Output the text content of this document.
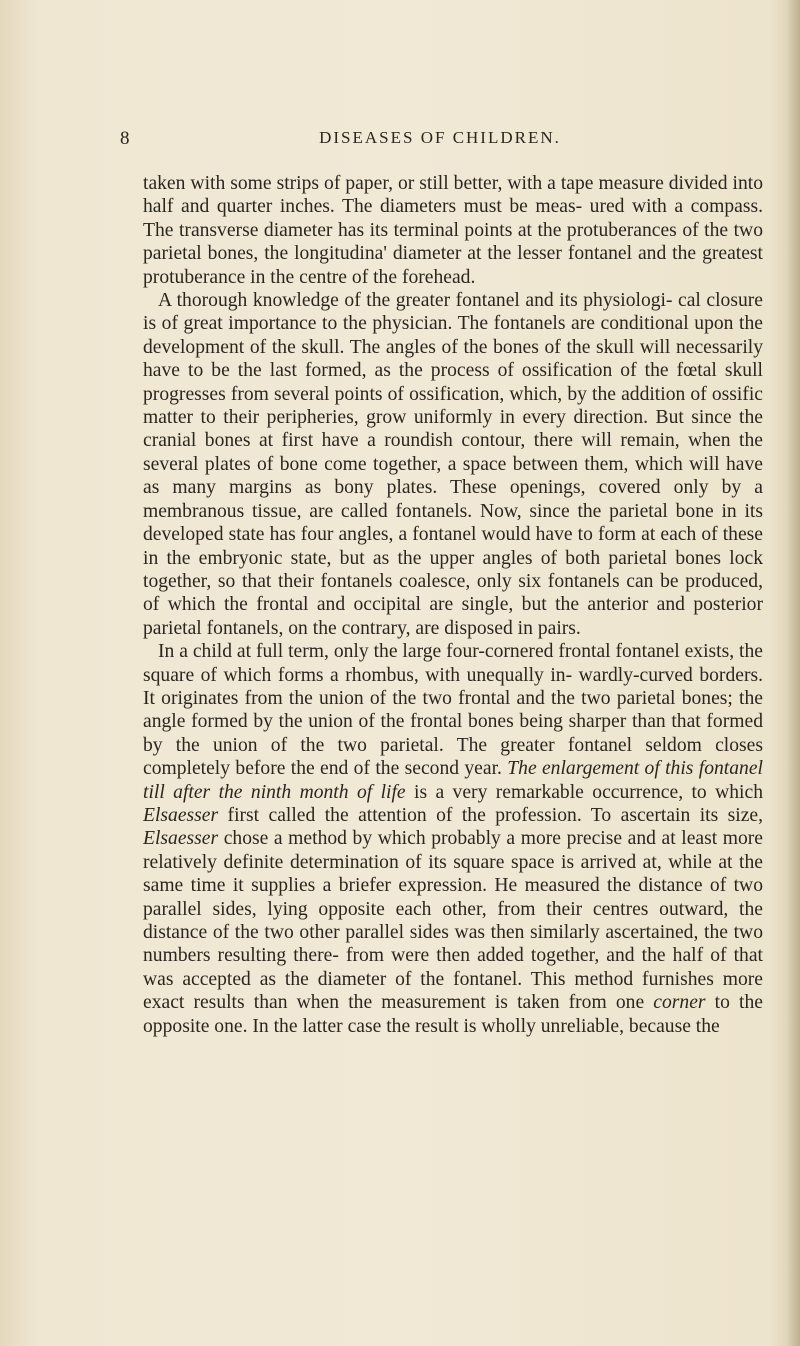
8	DISEASES OF CHILDREN.

taken with some strips of paper, or still better, with a tape measure divided into half and quarter inches. The diameters must be meas- ured with a compass. The transverse diameter has its terminal points at the protuberances of the two parietal bones, the longitudina' diameter at the lesser fontanel and the greatest protuberance in the centre of the forehead.

A thorough knowledge of the greater fontanel and its physiologi- cal closure is of great importance to the physician. The fontanels are conditional upon the development of the skull. The angles of the bones of the skull will necessarily have to be the last formed, as the process of ossification of the fœtal skull progresses from several points of ossification, which, by the addition of ossific matter to their peripheries, grow uniformly in every direction. But since the cranial bones at first have a roundish contour, there will remain, when the several plates of bone come together, a space between them, which will have as many margins as bony plates. These openings, covered only by a membranous tissue, are called fontanels. Now, since the parietal bone in its developed state has four angles, a fontanel would have to form at each of these in the embryonic state, but as the upper angles of both parietal bones lock together, so that their fontanels coalesce, only six fontanels can be produced, of which the frontal and occipital are single, but the anterior and posterior parietal fontanels, on the contrary, are disposed in pairs.

In a child at full term, only the large four-cornered frontal fontanel exists, the square of which forms a rhombus, with unequally in- wardly-curved borders. It originates from the union of the two frontal and the two parietal bones; the angle formed by the union of the frontal bones being sharper than that formed by the union of the two parietal. The greater fontanel seldom closes completely before the end of the second year. The enlargement of this fontanel till after the ninth month of life is a very remarkable occurrence, to which Elsaesser first called the attention of the profession. To ascertain its size, Elsaesser chose a method by which probably a more precise and at least more relatively definite determination of its square space is arrived at, while at the same time it supplies a briefer expression. He measured the distance of two parallel sides, lying opposite each other, from their centres outward, the distance of the two other parallel sides was then similarly ascertained, the two numbers resulting there- from were then added together, and the half of that was accepted as the diameter of the fontanel. This method furnishes more exact results than when the measurement is taken from one corner to the opposite one. In the latter case the result is wholly unreliable, because the
